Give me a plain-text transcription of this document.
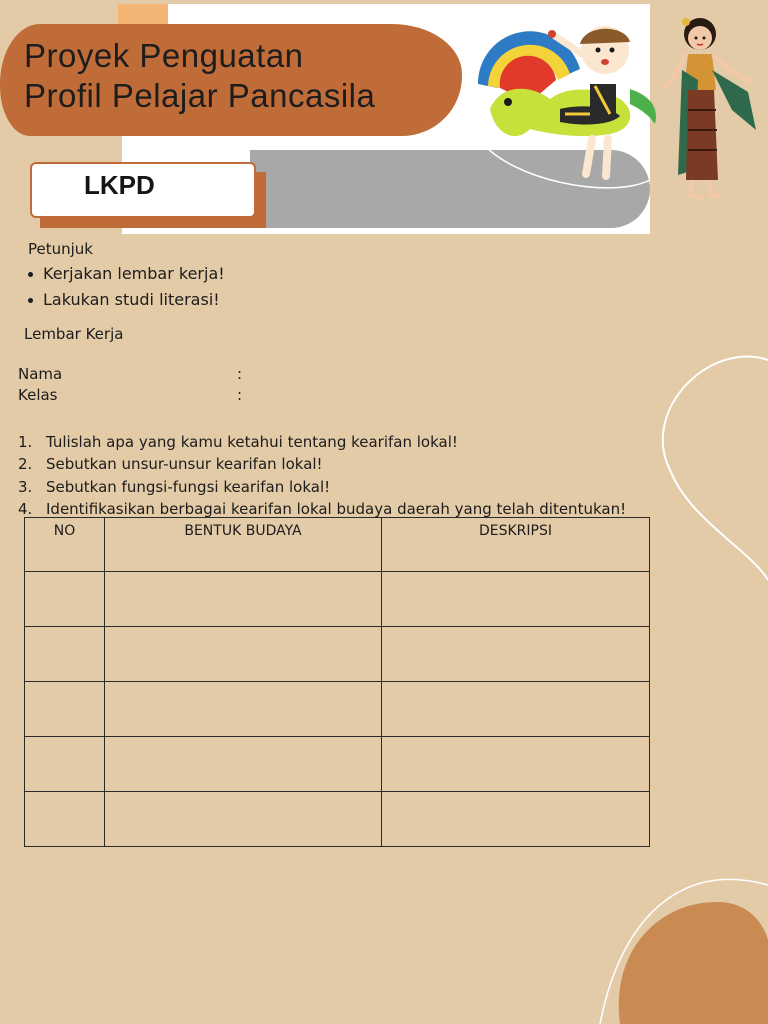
Proyek Penguatan
Profil Pelajar Pancasila
LKPD
Petunjuk
Kerjakan lembar kerja!
Lakukan studi literasi!
Lembar Kerja
Nama	:
Kelas	:
1. Tulislah apa yang kamu ketahui tentang kearifan lokal!
2. Sebutkan unsur-unsur kearifan lokal!
3. Sebutkan fungsi-fungsi kearifan lokal!
4. Identifikasikan berbagai kearifan lokal budaya daerah yang telah ditentukan!
NO	BENTUK BUDAYA	DESKRIPSI
